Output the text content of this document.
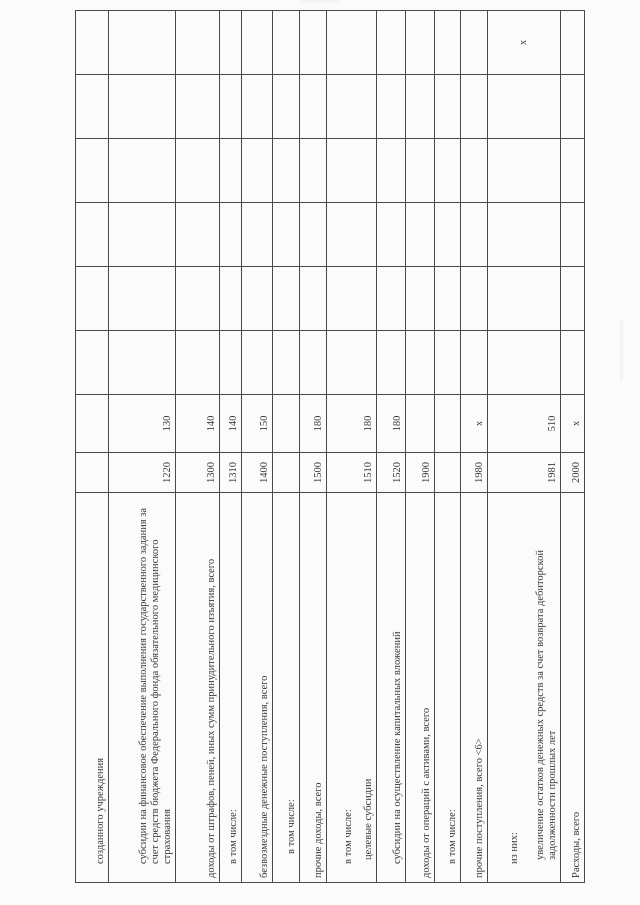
созданного учреждения								
субсидии на финансовое обеспечение выполнения государственного задания за счет средств бюджета Федерального фонда обязательного медицинского страхования	1220	130						
доходы от штрафов, пеней, иных сумм принудительного изъятия, всего	1300	140						
в том числе:	1310	140						
безвозмездные денежные поступления, всего	1400	150						
в том числе:								
прочие доходы, всего	1500	180						

в том числе: целевые субсидии	1510	180						
субсидии на осуществление капитальных вложений	1520	180						
доходы от операций с активами, всего	1900							
в том числе:								
прочие поступления, всего <6>	1980	х						

из них: увеличение остатков денежных средств за счет возврата дебиторской задолженности прошлых лет	1981	510						х
Расходы, всего	2000	х						
